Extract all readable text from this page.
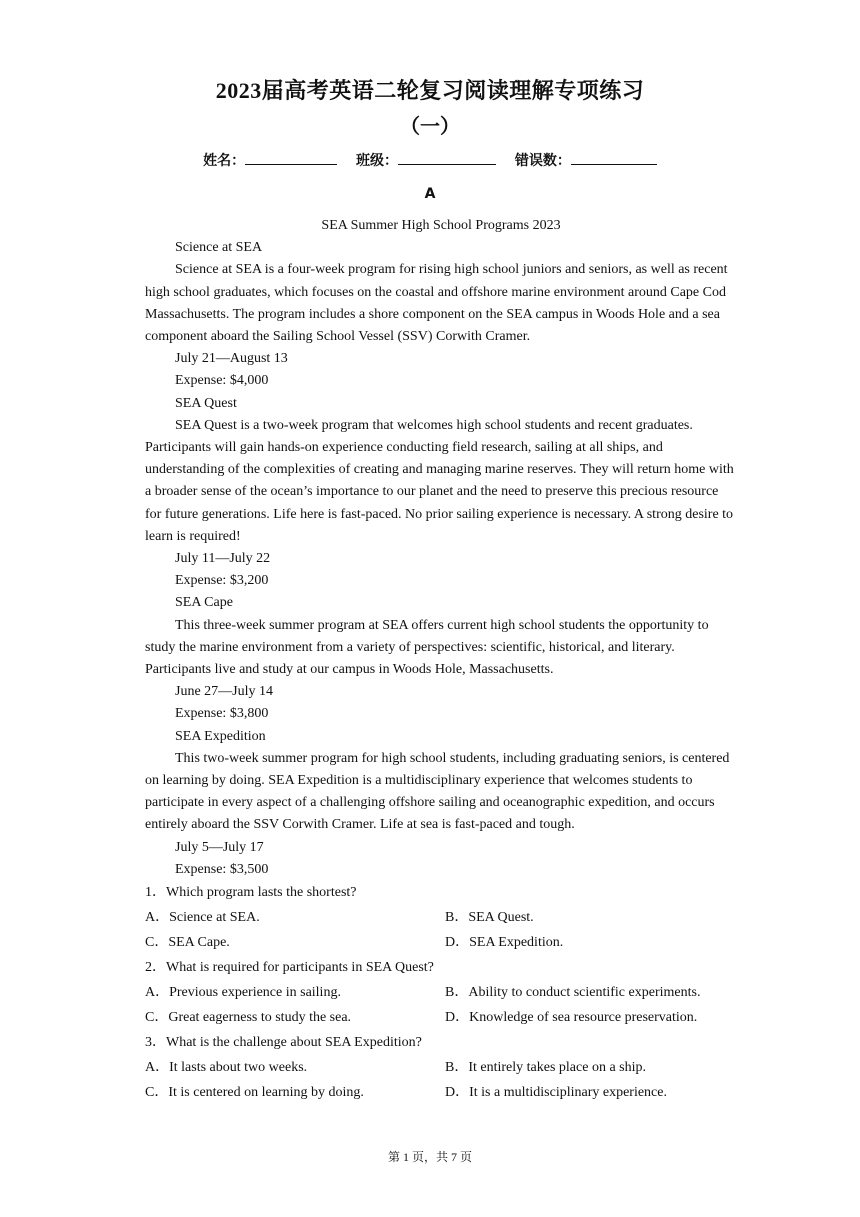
2023届高考英语二轮复习阅读理解专项练习
（一）
姓名：	班级：	错误数：
A

SEA Summer High School Programs 2023

Science at SEA

Science at SEA is a four-week program for rising high school juniors and seniors, as well as recent high school graduates, which focuses on the coastal and offshore marine environment around Cape Cod Massachusetts. The program includes a shore component on the SEA campus in Woods Hole and a sea component aboard the Sailing School Vessel (SSV) Corwith Cramer.

July 21—August 13

Expense: $4,000

SEA Quest

SEA Quest is a two-week program that welcomes high school students and recent graduates. Participants will gain hands-on experience conducting field research, sailing at all ships, and understanding of the complexities of creating and managing marine reserves. They will return home with a broader sense of the ocean’s importance to our planet and the need to preserve this precious resource for future generations. Life here is fast-paced. No prior sailing experience is necessary. A strong desire to learn is required!

July 11—July 22

Expense: $3,200

SEA Cape

This three-week summer program at SEA offers current high school students the opportunity to study the marine environment from a variety of perspectives: scientific, historical, and literary. Participants live and study at our campus in Woods Hole, Massachusetts.

June 27—July 14

Expense: $3,800

SEA Expedition

This two-week summer program for high school students, including graduating seniors, is centered on learning by doing. SEA Expedition is a multidisciplinary experience that welcomes students to participate in every aspect of a challenging offshore sailing and oceanographic expedition, and occurs entirely aboard the SSV Corwith Cramer. Life at sea is fast-paced and tough.

July 5—July 17

Expense: $3,500

1．Which program lasts the shortest?
A．Science at SEA.	B．SEA Quest.
C．SEA Cape.	D．SEA Expedition.
2．What is required for participants in SEA Quest?
A．Previous experience in sailing.	B．Ability to conduct scientific experiments.
C．Great eagerness to study the sea.	D．Knowledge of sea resource preservation.
3．What is the challenge about SEA Expedition?
A．It lasts about two weeks.	B．It entirely takes place on a ship.
C．It is centered on learning by doing.	D．It is a multidisciplinary experience.
第 1 页，共 7 页
